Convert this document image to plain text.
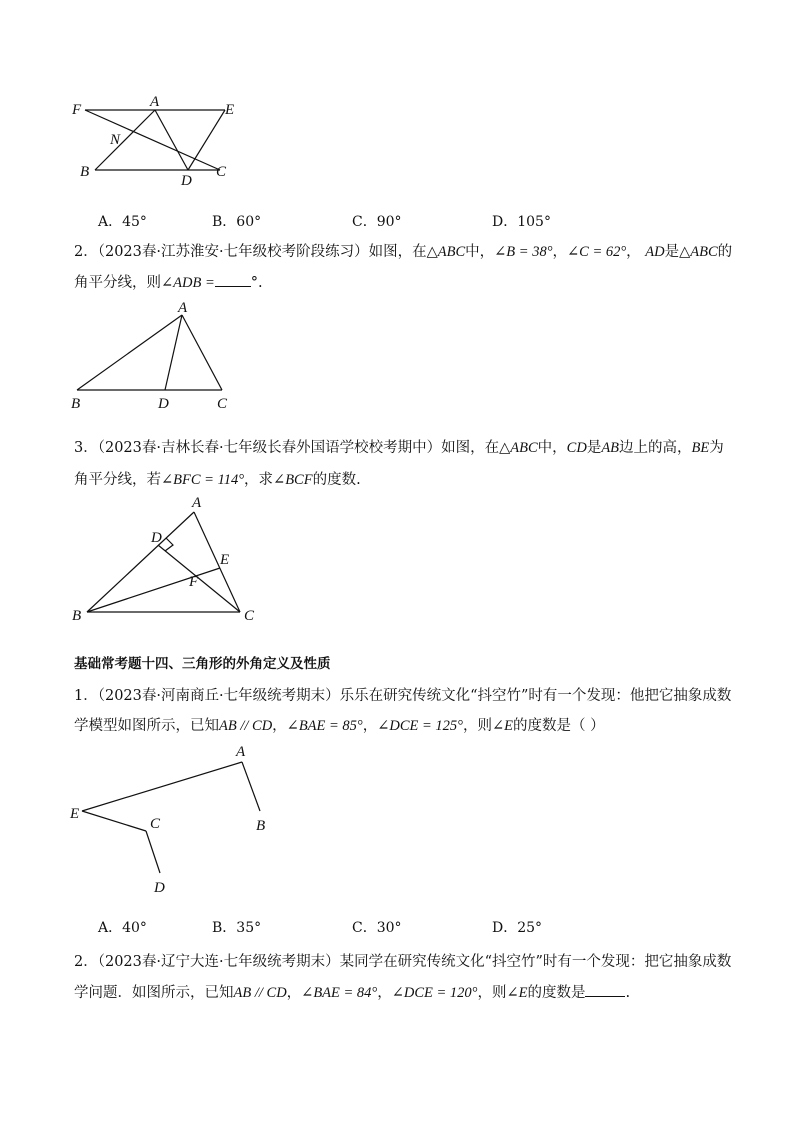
F	A	E
N
B
D
C
A．45°	B．60°	C．90°	D．105°
2．（2023春·江苏淮安·七年级校考阶段练习）如图，在△ABC中，∠B = 38°，∠C = 62°， AD是△ABC的
角平分线，则∠ADB = °.
A
B	D	C
3．（2023春·吉林长春·七年级长春外国语学校校考期中）如图，在△ABC中，CD是AB边上的高，BE为
角平分线，若∠BFC = 114°，求∠BCF的度数.
A
D
E
F
B	C
基础常考题十四、三角形的外角定义及性质
1．（2023春·河南商丘·七年级统考期末）乐乐在研究传统文化“抖空竹”时有一个发现：他把它抽象成数
学模型如图所示，已知AB // CD，∠BAE = 85°，∠DCE = 125°，则∠E的度数是（ ）
A
E
C	B
D
A．40°	B．35°	C．30°	D．25°
2．（2023春·辽宁大连·七年级统考期末）某同学在研究传统文化“抖空竹”时有一个发现：把它抽象成数
学问题．如图所示，已知AB // CD，∠BAE = 84°，∠DCE = 120°，则∠E的度数是	.
